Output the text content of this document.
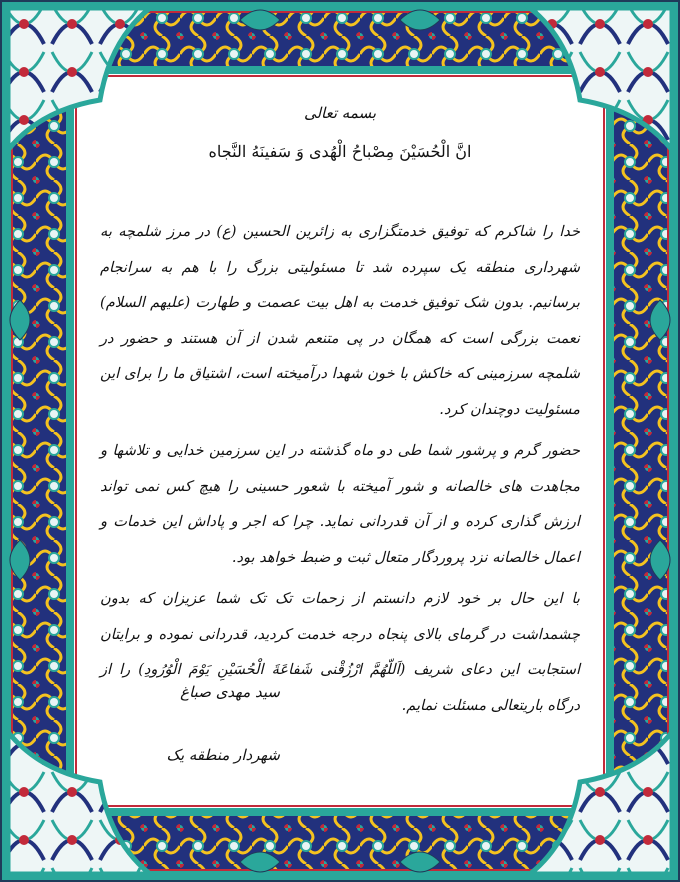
بسمه تعالی
انَّ الْحُسَیْنَ مِصْباحُ الْهُدی وَ سَفینَهُ النَّجاه

خدا را شاکرم که توفیق خدمتگزاری به زائرین الحسین (ع) در مرز شلمچه به شهرداری منطقه یک سپرده شد تا مسئولیتی بزرگ را با هم به سرانجام برسانیم. بدون شک توفیق خدمت به اهل بیت عصمت و طهارت (علیهم السلام) نعمت بزرگی است که همگان در پی متنعم شدن از آن هستند و حضور در شلمچه سرزمینی که خاکش با خون شهدا درآمیخته است، اشتیاق ما را برای این مسئولیت دوچندان کرد.

حضور گرم و پرشور شما طی دو ماه گذشته در این سرزمین خدایی و تلاشها و مجاهدت های خالصانه و شور آمیخته با شعور حسینی را هیچ کس نمی تواند ارزش گذاری کرده و از آن قدردانی نماید. چرا که اجر و پاداش این خدمات و اعمال خالصانه نزد پروردگار متعال ثبت و ضبط خواهد بود.

با این حال بر خود لازم دانستم از زحمات تک تک شما عزیزان که بدون چشمداشت در گرمای بالای پنجاه درجه خدمت کردید، قدردانی نموده و برایتان استجابت این دعای شریف (اَللّهُمَّ ارْزُقْنی شَفاعَةَ الْحُسَیْنِ یَوْمَ الْوُرُودِ) را از درگاه باریتعالی مسئلت نمایم.

سید مهدی صباغ
شهردار منطقه یک
